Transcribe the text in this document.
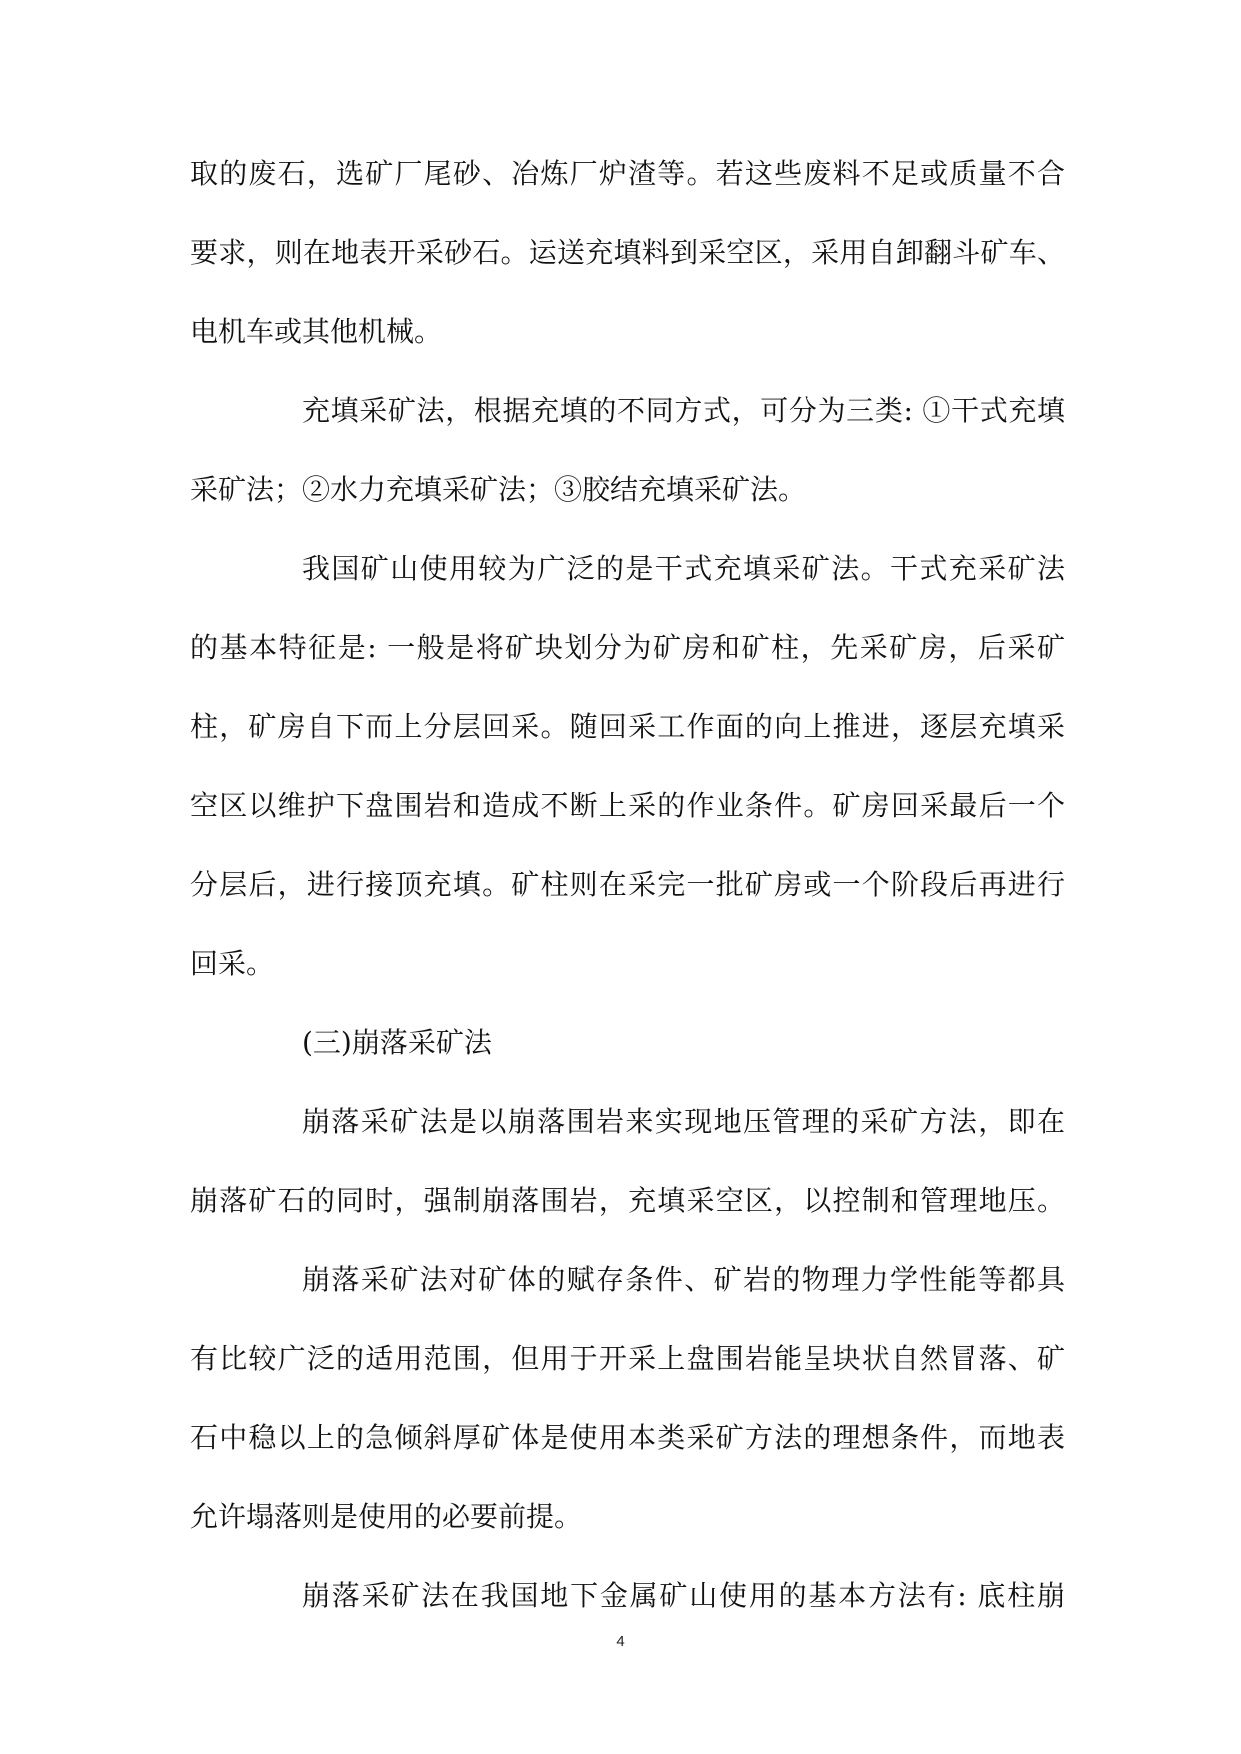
取的废石，选矿厂尾砂、冶炼厂炉渣等。若这些废料不足或质量不合
要求，则在地表开采砂石。运送充填料到采空区，采用自卸翻斗矿车、
电机车或其他机械。
充填采矿法，根据充填的不同方式，可分为三类: ①干式充填
采矿法；②水力充填采矿法；③胶结充填采矿法。
我国矿山使用较为广泛的是干式充填采矿法。干式充采矿法
的基本特征是: 一般是将矿块划分为矿房和矿柱，先采矿房，后采矿
柱，矿房自下而上分层回采。随回采工作面的向上推进，逐层充填采
空区以维护下盘围岩和造成不断上采的作业条件。矿房回采最后一个
分层后，进行接顶充填。矿柱则在采完一批矿房或一个阶段后再进行
回采。
(三)崩落采矿法
崩落采矿法是以崩落围岩来实现地压管理的采矿方法，即在
崩落矿石的同时，强制崩落围岩，充填采空区，以控制和管理地压。
崩落采矿法对矿体的赋存条件、矿岩的物理力学性能等都具
有比较广泛的适用范围，但用于开采上盘围岩能呈块状自然冒落、矿
石中稳以上的急倾斜厚矿体是使用本类采矿方法的理想条件，而地表
允许塌落则是使用的必要前提。
崩落采矿法在我国地下金属矿山使用的基本方法有: 底柱崩
4
